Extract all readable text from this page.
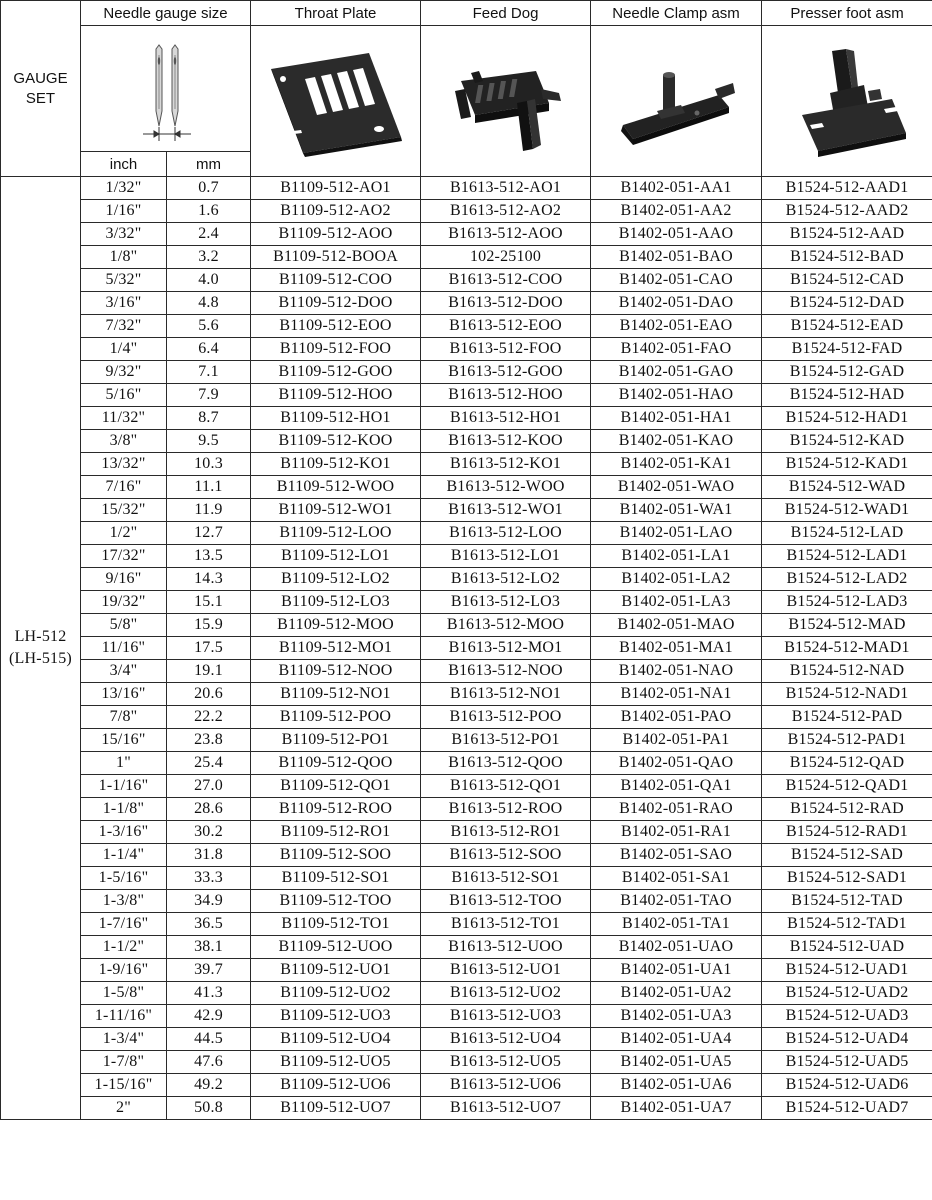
GAUGE
SET	Needle gauge size		Throat Plate	Feed Dog	Needle Clamp asm	Presser foot asm

	inch	mm				

LH-512
(LH-515)	1/32"	0.7	B1109-512-AO1	B1613-512-AO1	B1402-051-AA1	B1524-512-AAD1
	1/16"	1.6	B1109-512-AO2	B1613-512-AO2	B1402-051-AA2	B1524-512-AAD2
	3/32"	2.4	B1109-512-AOO	B1613-512-AOO	B1402-051-AAO	B1524-512-AAD
	1/8"	3.2	B1109-512-BOOA	102-25100	B1402-051-BAO	B1524-512-BAD
	5/32"	4.0	B1109-512-COO	B1613-512-COO	B1402-051-CAO	B1524-512-CAD
	3/16"	4.8	B1109-512-DOO	B1613-512-DOO	B1402-051-DAO	B1524-512-DAD
	7/32"	5.6	B1109-512-EOO	B1613-512-EOO	B1402-051-EAO	B1524-512-EAD
	1/4"	6.4	B1109-512-FOO	B1613-512-FOO	B1402-051-FAO	B1524-512-FAD
	9/32"	7.1	B1109-512-GOO	B1613-512-GOO	B1402-051-GAO	B1524-512-GAD
	5/16"	7.9	B1109-512-HOO	B1613-512-HOO	B1402-051-HAO	B1524-512-HAD
	11/32"	8.7	B1109-512-HO1	B1613-512-HO1	B1402-051-HA1	B1524-512-HAD1
	3/8"	9.5	B1109-512-KOO	B1613-512-KOO	B1402-051-KAO	B1524-512-KAD
	13/32"	10.3	B1109-512-KO1	B1613-512-KO1	B1402-051-KA1	B1524-512-KAD1
	7/16"	11.1	B1109-512-WOO	B1613-512-WOO	B1402-051-WAO	B1524-512-WAD
	15/32"	11.9	B1109-512-WO1	B1613-512-WO1	B1402-051-WA1	B1524-512-WAD1
	1/2"	12.7	B1109-512-LOO	B1613-512-LOO	B1402-051-LAO	B1524-512-LAD
	17/32"	13.5	B1109-512-LO1	B1613-512-LO1	B1402-051-LA1	B1524-512-LAD1
	9/16"	14.3	B1109-512-LO2	B1613-512-LO2	B1402-051-LA2	B1524-512-LAD2
	19/32"	15.1	B1109-512-LO3	B1613-512-LO3	B1402-051-LA3	B1524-512-LAD3
	5/8"	15.9	B1109-512-MOO	B1613-512-MOO	B1402-051-MAO	B1524-512-MAD
	11/16"	17.5	B1109-512-MO1	B1613-512-MO1	B1402-051-MA1	B1524-512-MAD1
	3/4"	19.1	B1109-512-NOO	B1613-512-NOO	B1402-051-NAO	B1524-512-NAD
	13/16"	20.6	B1109-512-NO1	B1613-512-NO1	B1402-051-NA1	B1524-512-NAD1
	7/8"	22.2	B1109-512-POO	B1613-512-POO	B1402-051-PAO	B1524-512-PAD
	15/16"	23.8	B1109-512-PO1	B1613-512-PO1	B1402-051-PA1	B1524-512-PAD1
	1"	25.4	B1109-512-QOO	B1613-512-QOO	B1402-051-QAO	B1524-512-QAD
	1-1/16"	27.0	B1109-512-QO1	B1613-512-QO1	B1402-051-QA1	B1524-512-QAD1
	1-1/8"	28.6	B1109-512-ROO	B1613-512-ROO	B1402-051-RAO	B1524-512-RAD
	1-3/16"	30.2	B1109-512-RO1	B1613-512-RO1	B1402-051-RA1	B1524-512-RAD1
	1-1/4"	31.8	B1109-512-SOO	B1613-512-SOO	B1402-051-SAO	B1524-512-SAD
	1-5/16"	33.3	B1109-512-SO1	B1613-512-SO1	B1402-051-SA1	B1524-512-SAD1
	1-3/8"	34.9	B1109-512-TOO	B1613-512-TOO	B1402-051-TAO	B1524-512-TAD
	1-7/16"	36.5	B1109-512-TO1	B1613-512-TO1	B1402-051-TA1	B1524-512-TAD1
	1-1/2"	38.1	B1109-512-UOO	B1613-512-UOO	B1402-051-UAO	B1524-512-UAD
	1-9/16"	39.7	B1109-512-UO1	B1613-512-UO1	B1402-051-UA1	B1524-512-UAD1
	1-5/8"	41.3	B1109-512-UO2	B1613-512-UO2	B1402-051-UA2	B1524-512-UAD2
	1-11/16"	42.9	B1109-512-UO3	B1613-512-UO3	B1402-051-UA3	B1524-512-UAD3
	1-3/4"	44.5	B1109-512-UO4	B1613-512-UO4	B1402-051-UA4	B1524-512-UAD4
	1-7/8"	47.6	B1109-512-UO5	B1613-512-UO5	B1402-051-UA5	B1524-512-UAD5
	1-15/16"	49.2	B1109-512-UO6	B1613-512-UO6	B1402-051-UA6	B1524-512-UAD6
	2"	50.8	B1109-512-UO7	B1613-512-UO7	B1402-051-UA7	B1524-512-UAD7
